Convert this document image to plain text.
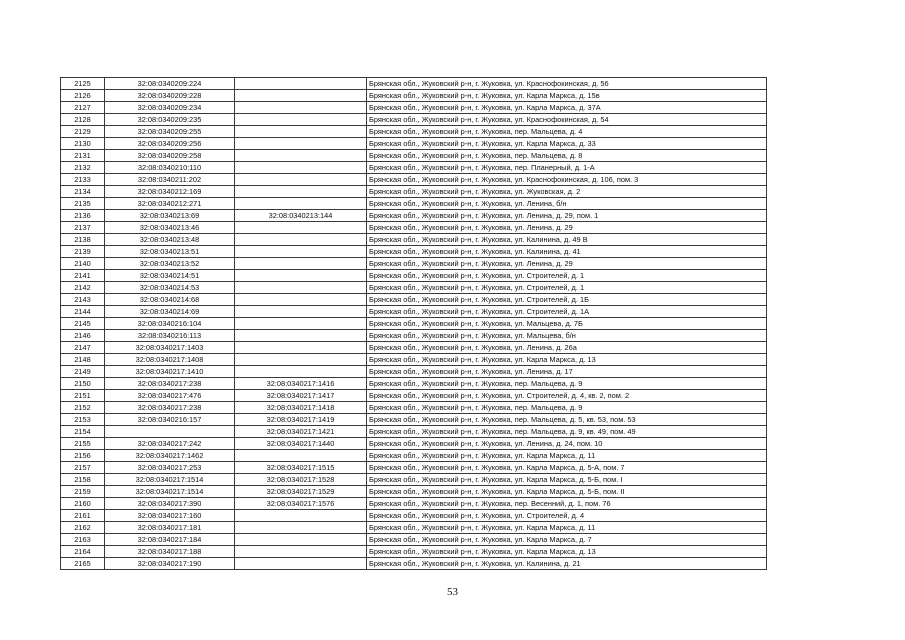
2125	32:08:0340209:224		Брянская обл., Жуковский р-н, г. Жуковка, ул. Краснофокинская, д. 56
2126	32:08:0340209:228		Брянская обл., Жуковский р-н, г. Жуковка, ул. Карла Маркса, д. 15в
2127	32:08:0340209:234		Брянская обл., Жуковский р-н, г. Жуковка, ул. Карла Маркса, д. 37А
2128	32:08:0340209:235		Брянская обл., Жуковский р-н, г. Жуковка, ул. Краснофокинская, д. 54
2129	32:08:0340209:255		Брянская обл., Жуковский р-н, г. Жуковка, пер. Мальцева, д. 4
2130	32:08:0340209:256		Брянская обл., Жуковский р-н, г. Жуковка, ул. Карла Маркса, д. 33
2131	32:08:0340209:258		Брянская обл., Жуковский р-н, г. Жуковка, пер. Мальцева, д. 8
2132	32:08:0340210:110		Брянская обл., Жуковский р-н, г. Жуковка, пер. Планерный, д. 1-А
2133	32:08:0340211:202		Брянская обл., Жуковский р-н, г. Жуковка, ул. Краснофокинская, д. 106, пом. 3
2134	32:08:0340212:169		Брянская обл., Жуковский р-н, г. Жуковка, ул. Жуковская, д. 2
2135	32:08:0340212:271		Брянская обл., Жуковский р-н, г. Жуковка, ул. Ленина, б/н
2136	32:08:0340213:69	32:08:0340213:144	Брянская обл., Жуковский р-н, г. Жуковка, ул. Ленина, д. 29, пом. 1
2137	32:08:0340213:46		Брянская обл., Жуковский р-н, г. Жуковка, ул. Ленина, д. 29
2138	32:08:0340213:48		Брянская обл., Жуковский р-н, г. Жуковка, ул. Калинина, д. 49 В
2139	32:08:0340213:51		Брянская обл., Жуковский р-н, г. Жуковка, ул. Калинина, д. 41
2140	32:08:0340213:52		Брянская обл., Жуковский р-н, г. Жуковка, ул. Ленина, д. 29
2141	32:08:0340214:51		Брянская обл., Жуковский р-н, г. Жуковка, ул. Строителей, д. 1
2142	32:08:0340214:53		Брянская обл., Жуковский р-н, г. Жуковка, ул. Строителей, д. 1
2143	32:08:0340214:68		Брянская обл., Жуковский р-н, г. Жуковка, ул. Строителей, д. 1Б
2144	32:08:0340214:69		Брянская обл., Жуковский р-н, г. Жуковка, ул. Строителей, д. 1А
2145	32:08:0340216:104		Брянская обл., Жуковский р-н, г. Жуковка, ул. Мальцева, д. 7Б
2146	32:08:0340216:113		Брянская обл., Жуковский р-н, г. Жуковка, ул. Мальцева, б/н
2147	32:08:0340217:1403		Брянская обл., Жуковский р-н, г. Жуковка, ул. Ленина, д. 26а
2148	32:08:0340217:1408		Брянская обл., Жуковский р-н, г. Жуковка, ул. Карла Маркса, д. 13
2149	32:08:0340217:1410		Брянская обл., Жуковский р-н, г. Жуковка, ул. Ленина, д. 17
2150	32:08:0340217:238	32:08:0340217:1416	Брянская обл., Жуковский р-н, г. Жуковка, пер. Мальцева, д. 9
2151	32:08:0340217:476	32:08:0340217:1417	Брянская обл., Жуковский р-н, г. Жуковка, ул. Строителей, д. 4, кв. 2, пом. 2
2152	32:08:0340217:238	32:08:0340217:1418	Брянская обл., Жуковский р-н, г. Жуковка, пер. Мальцева, д. 9
2153	32:08:0340216:157	32:08:0340217:1419	Брянская обл., Жуковский р-н, г. Жуковка, пер. Мальцева, д. 5, кв. 53, пом. 53
2154		32:08:0340217:1421	Брянская обл., Жуковский р-н, г. Жуковка, пер. Мальцева, д. 9, кв. 49, пом. 49
2155	32:08:0340217:242	32:08:0340217:1440	Брянская обл., Жуковский р-н, г. Жуковка, ул. Ленина, д. 24, пом. 10
2156	32:08:0340217:1462		Брянская обл., Жуковский р-н, г. Жуковка, ул. Карла Маркса, д. 11
2157	32:08:0340217:253	32:08:0340217:1515	Брянская обл., Жуковский р-н, г. Жуковка, ул. Карла Маркса, д. 5-А, пом. 7
2158	32:08:0340217:1514	32:08:0340217:1528	Брянская обл., Жуковский р-н, г. Жуковка, ул. Карла Маркса, д. 5-Б, пом. I
2159	32:08:0340217:1514	32:08:0340217:1529	Брянская обл., Жуковский р-н, г. Жуковка, ул. Карла Маркса, д. 5-Б, пом. II
2160	32:08:0340217:390	32:08:0340217:1576	Брянская обл., Жуковский р-н, г. Жуковка, пер. Весенний, д. 1, пом. 76
2161	32:08:0340217:160		Брянская обл., Жуковский р-н, г. Жуковка, ул. Строителей, д. 4
2162	32:08:0340217:181		Брянская обл., Жуковский р-н, г. Жуковка, ул. Карла Маркса, д. 11
2163	32:08:0340217:184		Брянская обл., Жуковский р-н, г. Жуковка, ул. Карла Маркса, д. 7
2164	32:08:0340217:188		Брянская обл., Жуковский р-н, г. Жуковка, ул. Карла Маркса, д. 13
2165	32:08:0340217:190		Брянская обл., Жуковский р-н, г. Жуковка, ул. Калинина, д. 21
53
